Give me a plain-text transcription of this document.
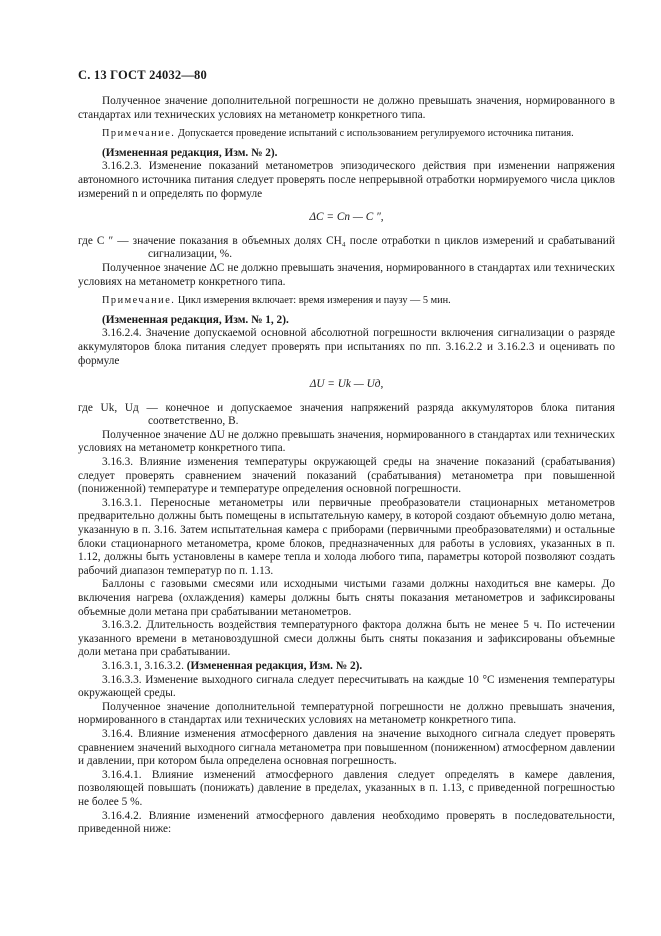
С. 13 ГОСТ 24032—80

Полученное значение дополнительной погрешности не должно превышать значения, нормированного в стандартах или технических условиях на метанометр конкретного типа.

Примечание. Допускается проведение испытаний с использованием регулируемого источника питания.

(Измененная редакция, Изм. № 2).

3.16.2.3. Изменение показаний метанометров эпизодического действия при изменении напряжения автономного источника питания следует проверять после непрерывной отработки нормируемого числа циклов измерений n и определять по формуле

ΔC = Cn — C ″,

где C ″ — значение показания в объемных долях CH₄ после отработки n циклов измерений и срабатываний сигнализации, %.

Полученное значение ΔC не должно превышать значения, нормированного в стандартах или технических условиях на метанометр конкретного типа.

Примечание. Цикл измерения включает: время измерения и паузу — 5 мин.

(Измененная редакция, Изм. № 1, 2).

3.16.2.4. Значение допускаемой основной абсолютной погрешности включения сигнализации о разряде аккумуляторов блока питания следует проверять при испытаниях по пп. 3.16.2.2 и 3.16.2.3 и оценивать по формуле

ΔU = Uk — Uд,

где Uk, Uд — конечное и допускаемое значения напряжений разряда аккумуляторов блока питания соответственно, В.

Полученное значение ΔU не должно превышать значения, нормированного в стандартах или технических условиях на метанометр конкретного типа.

3.16.3. Влияние изменения температуры окружающей среды на значение показаний (срабатывания) следует проверять сравнением значений показаний (срабатывания) метанометра при повышенной (пониженной) температуре и температуре определения основной погрешности.

3.16.3.1. Переносные метанометры или первичные преобразователи стационарных метанометров предварительно должны быть помещены в испытательную камеру, в которой создают объемную долю метана, указанную в п. 3.16. Затем испытательная камера с приборами (первичными преобразователями) и остальные блоки стационарного метанометра, кроме блоков, предназначенных для работы в условиях, указанных в п. 1.12, должны быть установлены в камере тепла и холода любого типа, параметры которой позволяют создать рабочий диапазон температур по п. 1.13.

Баллоны с газовыми смесями или исходными чистыми газами должны находиться вне камеры. До включения нагрева (охлаждения) камеры должны быть сняты показания метанометров и зафиксированы объемные доли метана при срабатывании метанометров.

3.16.3.2. Длительность воздействия температурного фактора должна быть не менее 5 ч. По истечении указанного времени в метановоздушной смеси должны быть сняты показания и зафиксированы объемные доли метана при срабатывании.

3.16.3.1, 3.16.3.2. (Измененная редакция, Изм. № 2).

3.16.3.3. Изменение выходного сигнала следует пересчитывать на каждые 10 °С изменения температуры окружающей среды.

Полученное значение дополнительной температурной погрешности не должно превышать значения, нормированного в стандартах или технических условиях на метанометр конкретного типа.

3.16.4. Влияние изменения атмосферного давления на значение выходного сигнала следует проверять сравнением значений выходного сигнала метанометра при повышенном (пониженном) атмосферном давлении и давлении, при котором была определена основная погрешность.

3.16.4.1. Влияние изменений атмосферного давления следует определять в камере давления, позволяющей повышать (понижать) давление в пределах, указанных в п. 1.13, с приведенной погрешностью не более 5 %.

3.16.4.2. Влияние изменений атмосферного давления необходимо проверять в последовательности, приведенной ниже:
